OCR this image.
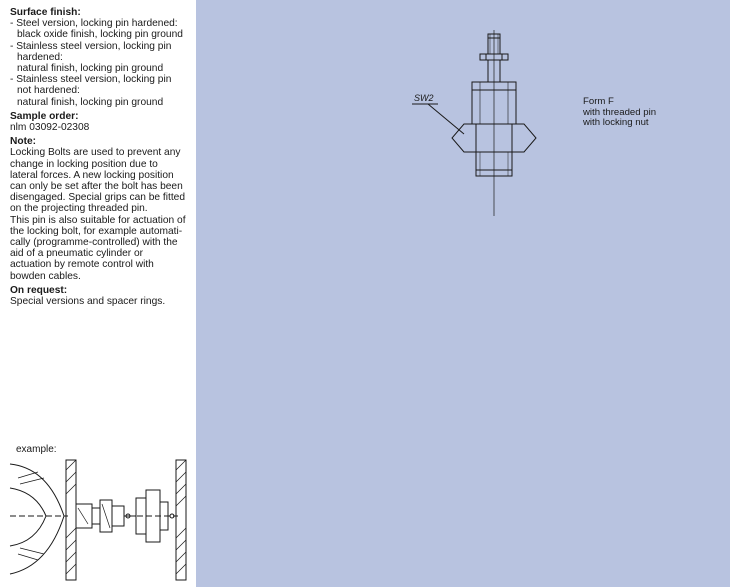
Surface finish:
- Steel version, locking pin hardened:
black oxide finish, locking pin ground
- Stainless steel version, locking pin
hardened:
natural finish, locking pin ground
- Stainless steel version, locking pin
not hardened:
natural finish, locking pin ground
Sample order:
nlm 03092-02308
Note:
Locking Bolts are used to prevent any
change in locking position due to
lateral forces. A new locking position
can only be set after the bolt has been
disengaged. Special grips can be fitted
on the projecting threaded pin.
This pin is also suitable for actuation of
the locking bolt, for example automati-
cally (programme-controlled) with the
aid of a pneumatic cylinder or
actuation by remote control with
bowden cables.
On request:
Special versions and spacer rings.
example:
SW2	Form F
with threaded pin
with locking nut
